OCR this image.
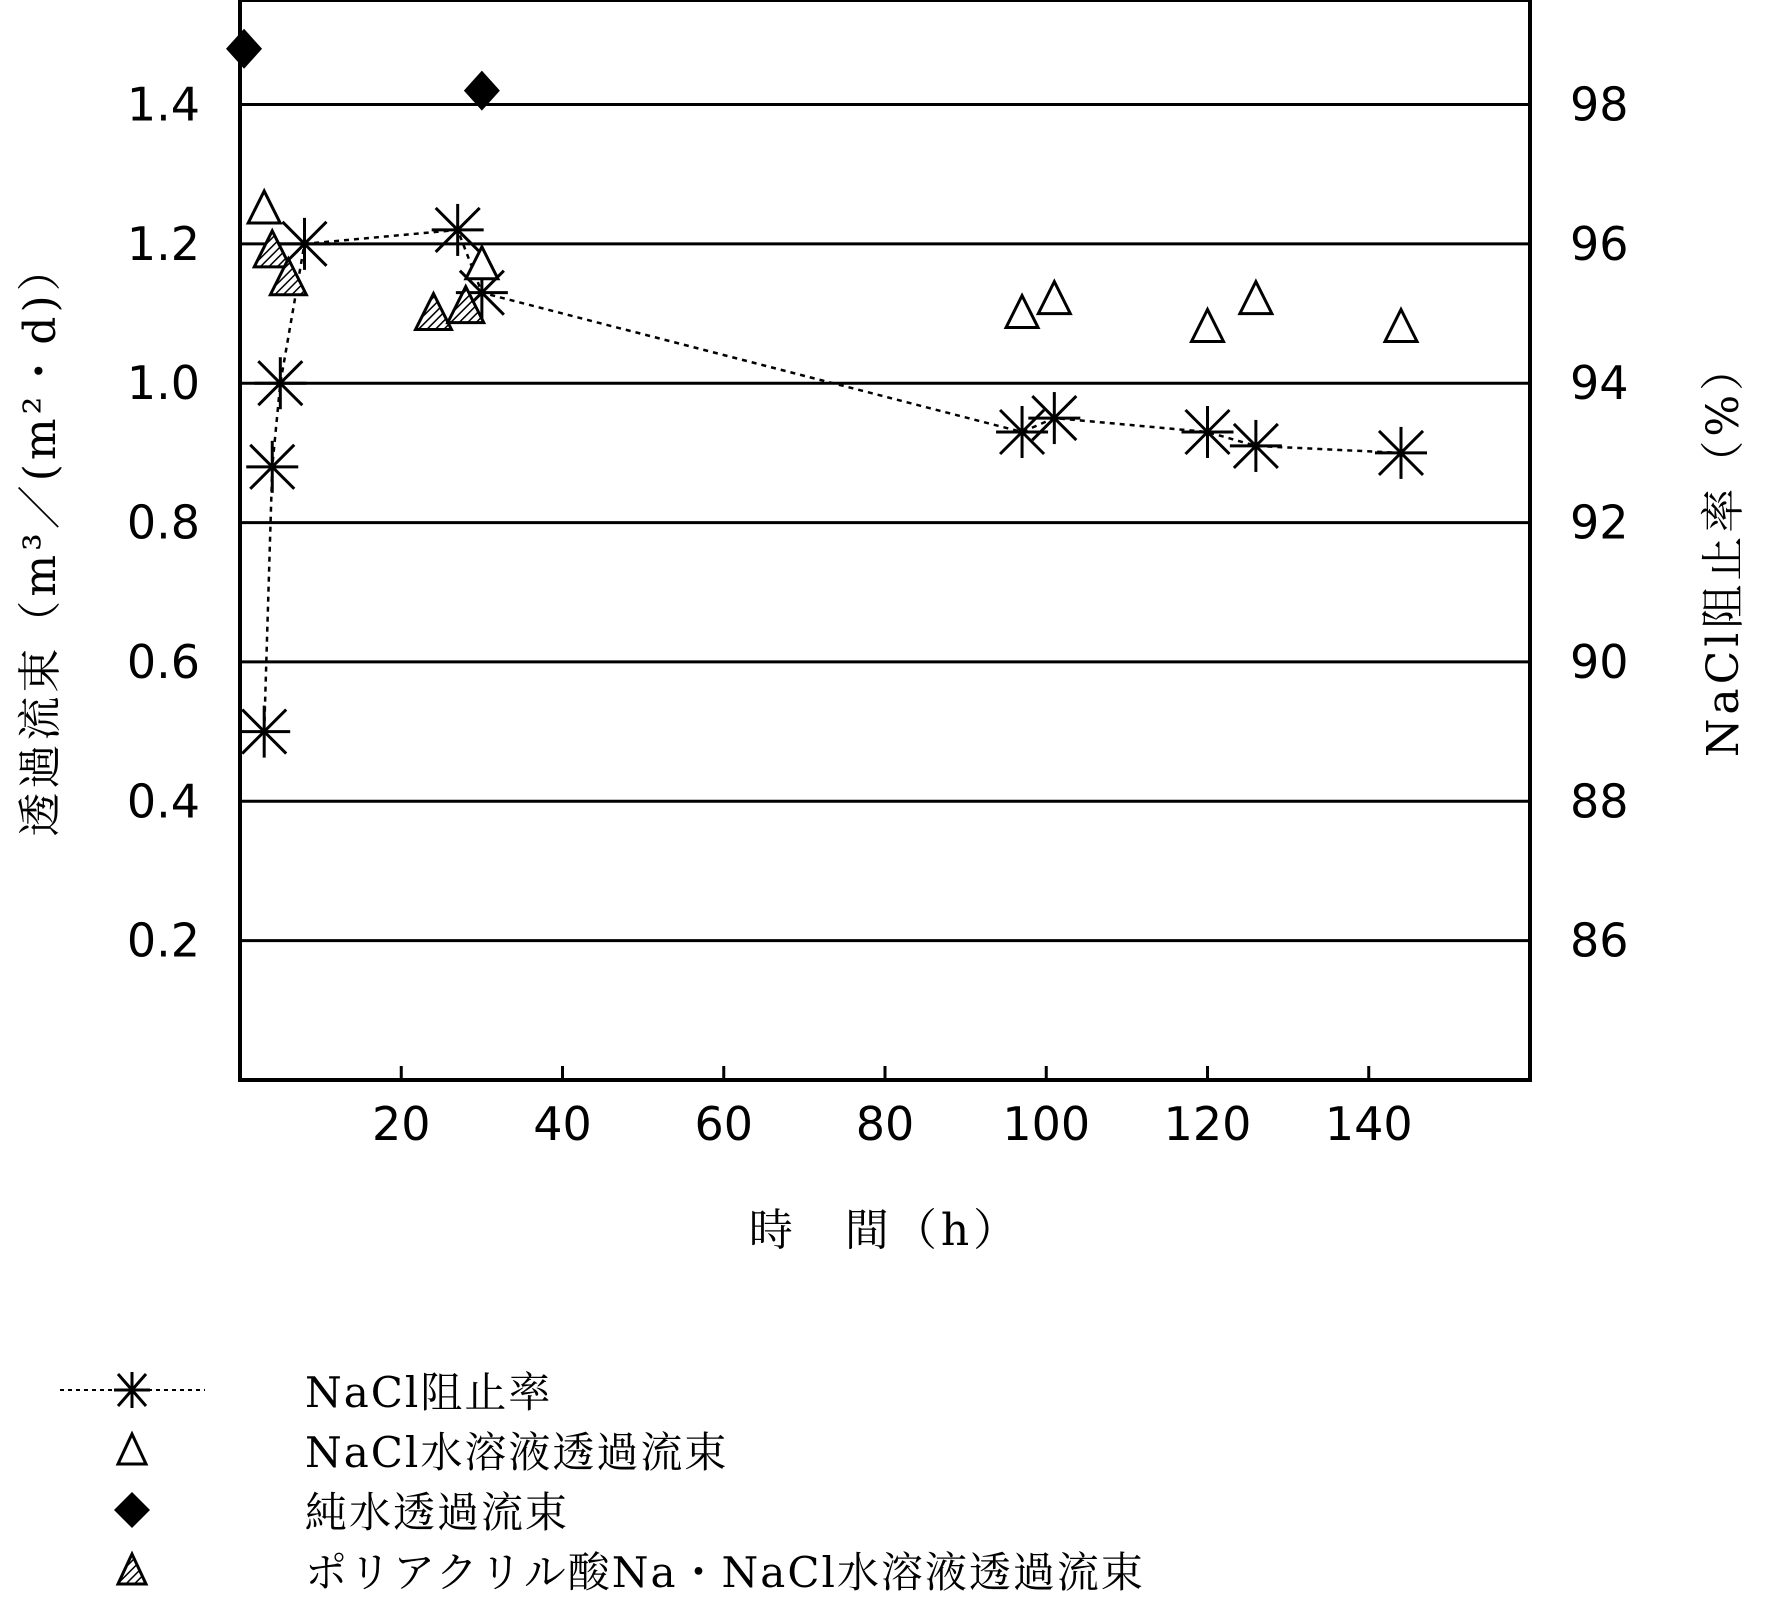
20 40 60 80 100 120 140
0.2
0.4
0.6
0.8
1.0
1.2
1.4
86
88
90
92
94
96
98
時　間（h）
透過流束（m³／(m²・d)）	NaCl阻止率（%）
NaCl阻止率
NaCl水溶液透過流束
純水透過流束
ポリアクリル酸Na・NaCl水溶液透過流束
